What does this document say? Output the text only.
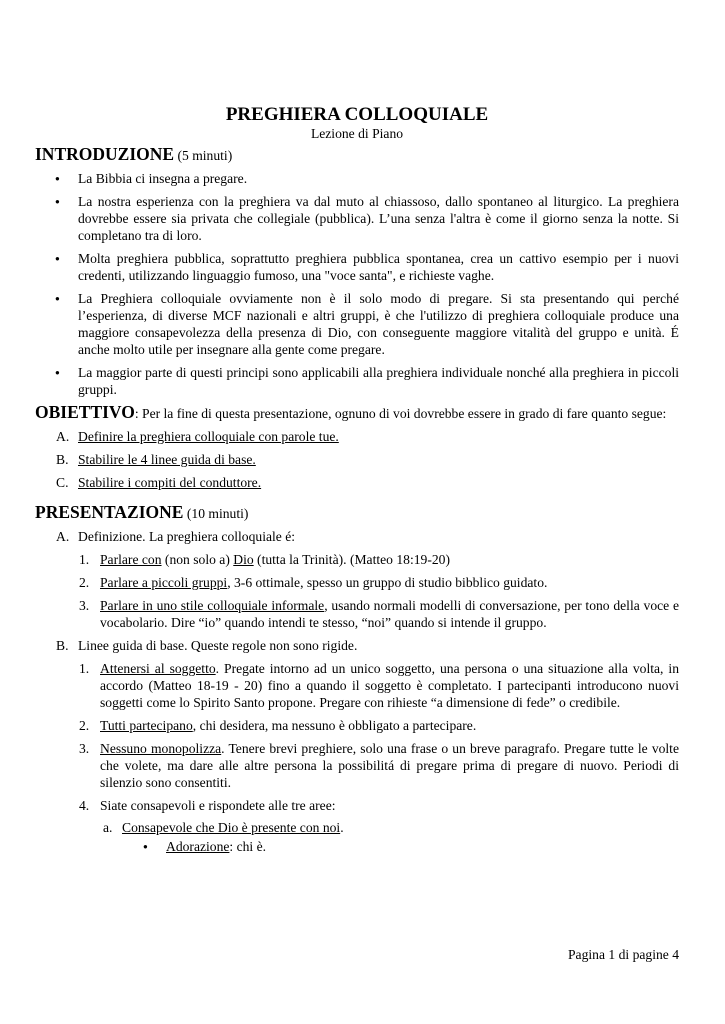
PREGHIERA COLLOQUIALE

Lezione di Piano

INTRODUZIONE (5 minuti)

● La Bibbia ci insegna a pregare.
● La nostra esperienza con la preghiera va dal muto al chiassoso, dallo spontaneo al liturgico. La preghiera dovrebbe essere sia privata che collegiale (pubblica). L’una senza l'altra è come il giorno senza la notte. Si completano tra di loro.
● Molta preghiera pubblica, soprattutto preghiera pubblica spontanea, crea un cattivo esempio per i nuovi credenti, utilizzando linguaggio fumoso, una "voce santa", e richieste vaghe.
● La Preghiera colloquiale ovviamente non è il solo modo di pregare. Si sta presentando qui perché l’esperienza, di diverse MCF nazionali e altri gruppi, è che l'utilizzo di preghiera colloquiale produce una maggiore consapevolezza della presenza di Dio, con conseguente maggiore vitalità del gruppo e unità. É anche molto utile per insegnare alla gente come pregare.
● La maggior parte di questi principi sono applicabili alla preghiera individuale nonché alla preghiera in piccoli gruppi.

OBIETTIVO: Per la fine di questa presentazione, ognuno di voi dovrebbe essere in grado di fare quanto segue:

A. Definire la preghiera colloquiale con parole tue.
B. Stabilire le 4 linee guida di base.
C. Stabilire i compiti del conduttore.

PRESENTAZIONE (10 minuti)

A. Definizione. La preghiera colloquiale é:
1. Parlare con (non solo a) Dio (tutta la Trinità). (Matteo 18:19-20)
2. Parlare a piccoli gruppi, 3-6 ottimale, spesso un gruppo di studio bibblico guidato.
3. Parlare in uno stile colloquiale informale, usando normali modelli di conversazione, per tono della voce e vocabolario. Dire “io” quando intendi te stesso, “noi” quando si intende il gruppo.
B. Linee guida di base. Queste regole non sono rigide.
1. Attenersi al soggetto. Pregate intorno ad un unico soggetto, una persona o una situazione alla volta, in accordo (Matteo 18-19 - 20) fino a quando il soggetto è completato. I partecipanti introducono nuovi soggetti come lo Spirito Santo propone. Pregare con rihieste “a dimensione di fede” o credibile.
2. Tutti partecipano, chi desidera, ma nessuno è obbligato a partecipare.
3. Nessuno monopolizza. Tenere brevi preghiere, solo una frase o un breve paragrafo. Pregare tutte le volte che volete, ma dare alle altre persona la possibilitá di pregare prima di pregare di nuovo. Periodi di silenzio sono consentiti.
4. Siate consapevoli e rispondete alle tre aree:
a. Consapevole che Dio è presente con noi.
● Adorazione: chi è.
Pagina 1 di pagine 4
